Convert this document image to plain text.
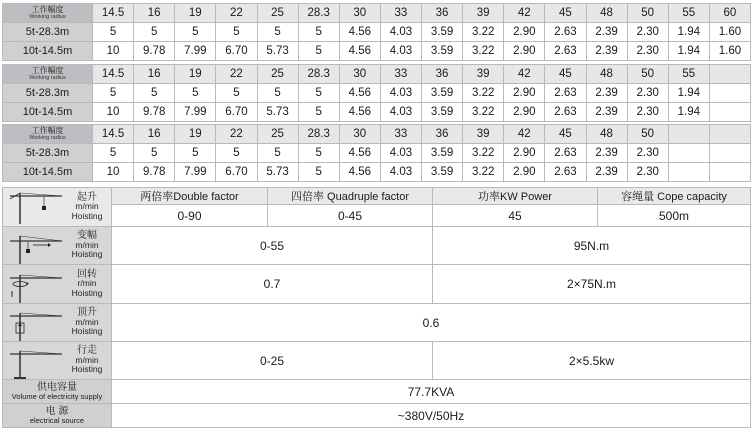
工作幅度
Working radius	14.5	16	19	22	25	28.3	30	33	36	39	42	45	48	50	55	60
5t-28.3m	5	5	5	5	5	5	4.56	4.03	3.59	3.22	2.90	2.63	2.39	2.30	1.94	1.60
10t-14.5m	10	9.78	7.99	6.70	5.73	5	4.56	4.03	3.59	3.22	2.90	2.63	2.39	2.30	1.94	1.60
工作幅度
Working radius	14.5	16	19	22	25	28.3	30	33	36	39	42	45	48	50	55	
5t-28.3m	5	5	5	5	5	5	4.56	4.03	3.59	3.22	2.90	2.63	2.39	2.30	1.94	
10t-14.5m	10	9.78	7.99	6.70	5.73	5	4.56	4.03	3.59	3.22	2.90	2.63	2.39	2.30	1.94	
工作幅度
Working radius	14.5	16	19	22	25	28.3	30	33	36	39	42	45	48	50		
5t-28.3m	5	5	5	5	5	5	4.56	4.03	3.59	3.22	2.90	2.63	2.39	2.30		
10t-14.5m	10	9.78	7.99	6.70	5.73	5	4.56	4.03	3.59	3.22	2.90	2.63	2.39	2.30		
起升
m/min
Hoisting	两倍率Double factor	四倍率 Quadruple factor	功率KW Power	容绳量 Cope capacity
	0-90	0-45	45	500m

变幅
m/min
Hoisting	0-55		95N.m	

回转
r/min
Hoisting	0.7		2×75N.m	

顶升
m/min
Hoisting	0.6			

行走
m/min
Hoisting	0-25		2×5.5kw	
供电容量
Volume of electricity supply	77.7KVA			
电 源
electrical source	~380V/50Hz			
